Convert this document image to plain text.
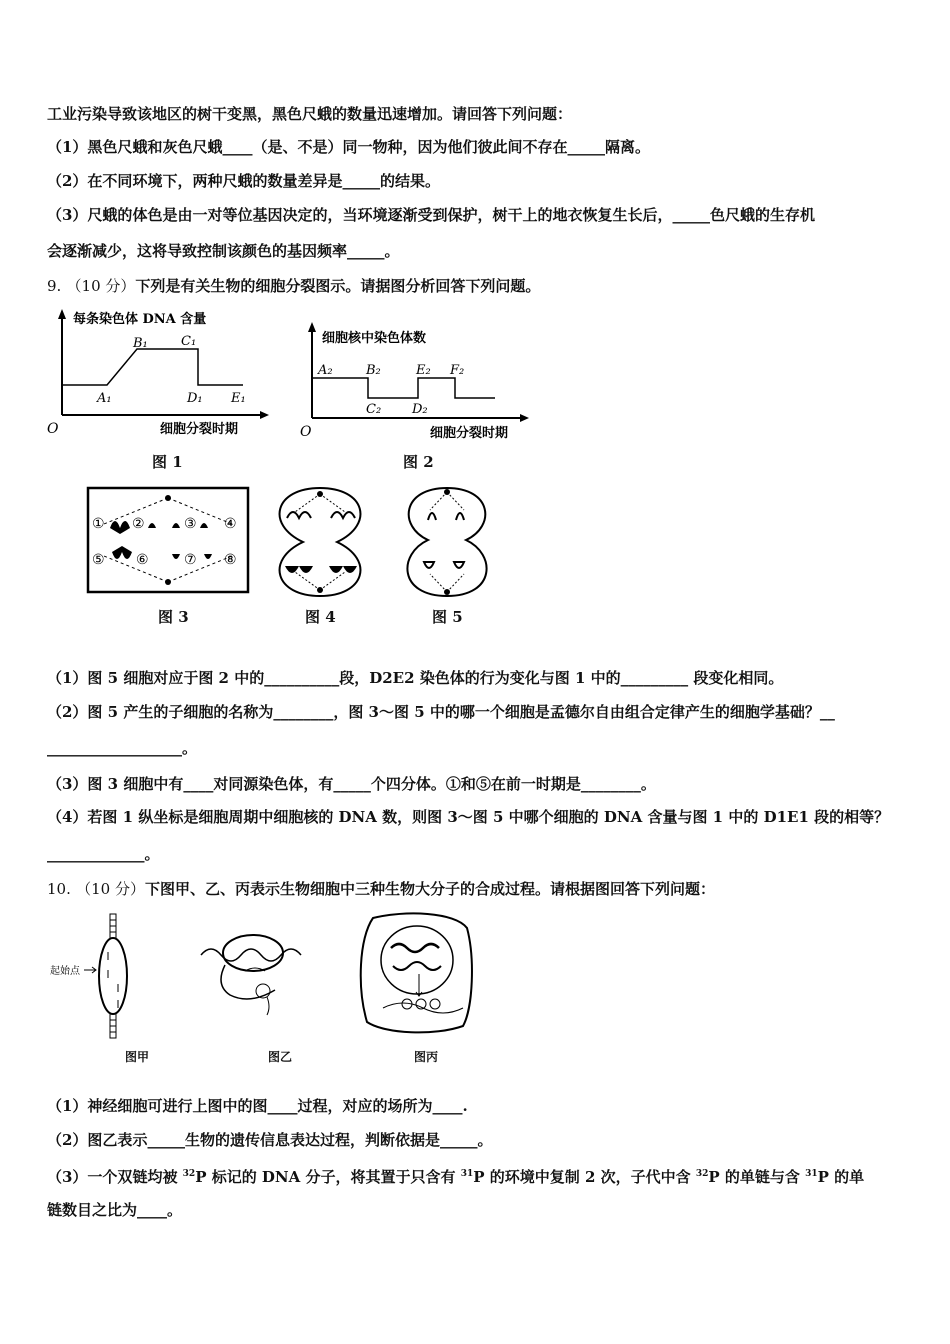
工业污染导致该地区的树干变黑，黑色尺蛾的数量迅速增加。请回答下列问题：
（1）黑色尺蛾和灰色尺蛾____（是、不是）同一物种，因为他们彼此间不存在_____隔离。
（2）在不同环境下，两种尺蛾的数量差异是_____的结果。
（3）尺蛾的体色是由一对等位基因决定的，当环境逐渐受到保护，树干上的地衣恢复生长后，_____色尺蛾的生存机
会逐渐减少，这将导致控制该颜色的基因频率_____。
9. （10 分）下列是有关生物的细胞分裂图示。请据图分析回答下列问题。
每条染色体 DNA 含量
O	细胞分裂时期
A₁
B₁	C₁
D₁ E₁
图 1
细胞核中染色体数
O	细胞分裂时期
A₂	B₂
C₂ D₂
E₂ F₂
图 2
① ②	③ ④
⑤ ⑥	⑦ ⑧
图 3	图 4	图 5
（1）图 5 细胞对应于图 2 中的__________段，D2E2 染色体的行为变化与图 1 中的_________ 段变化相同。
（2）图 5 产生的子细胞的名称为________，图 3～图 5 中的哪一个细胞是孟德尔自由组合定律产生的细胞学基础？__
__________________。
（3）图 3 细胞中有____对同源染色体，有_____个四分体。①和⑤在前一时期是________。
（4）若图 1 纵坐标是细胞周期中细胞核的 DNA 数，则图 3～图 5 中哪个细胞的 DNA 含量与图 1 中的 D1E1 段的相等？
_____________。
10. （10 分）下图甲、乙、丙表示生物细胞中三种生物大分子的合成过程。请根据图回答下列问题：
起始点
图甲	图乙	图丙
（1）神经细胞可进行上图中的图____过程，对应的场所为____.
（2）图乙表示_____生物的遗传信息表达过程，判断依据是_____。
（3）一个双链均被 $^{32}$P 标记的 DNA 分子，将其置于只含有 $^{31}$P 的环境中复制 2 次，子代中含 $^{32}$P 的单链与含 $^{31}$P 的单
链数目之比为____。
